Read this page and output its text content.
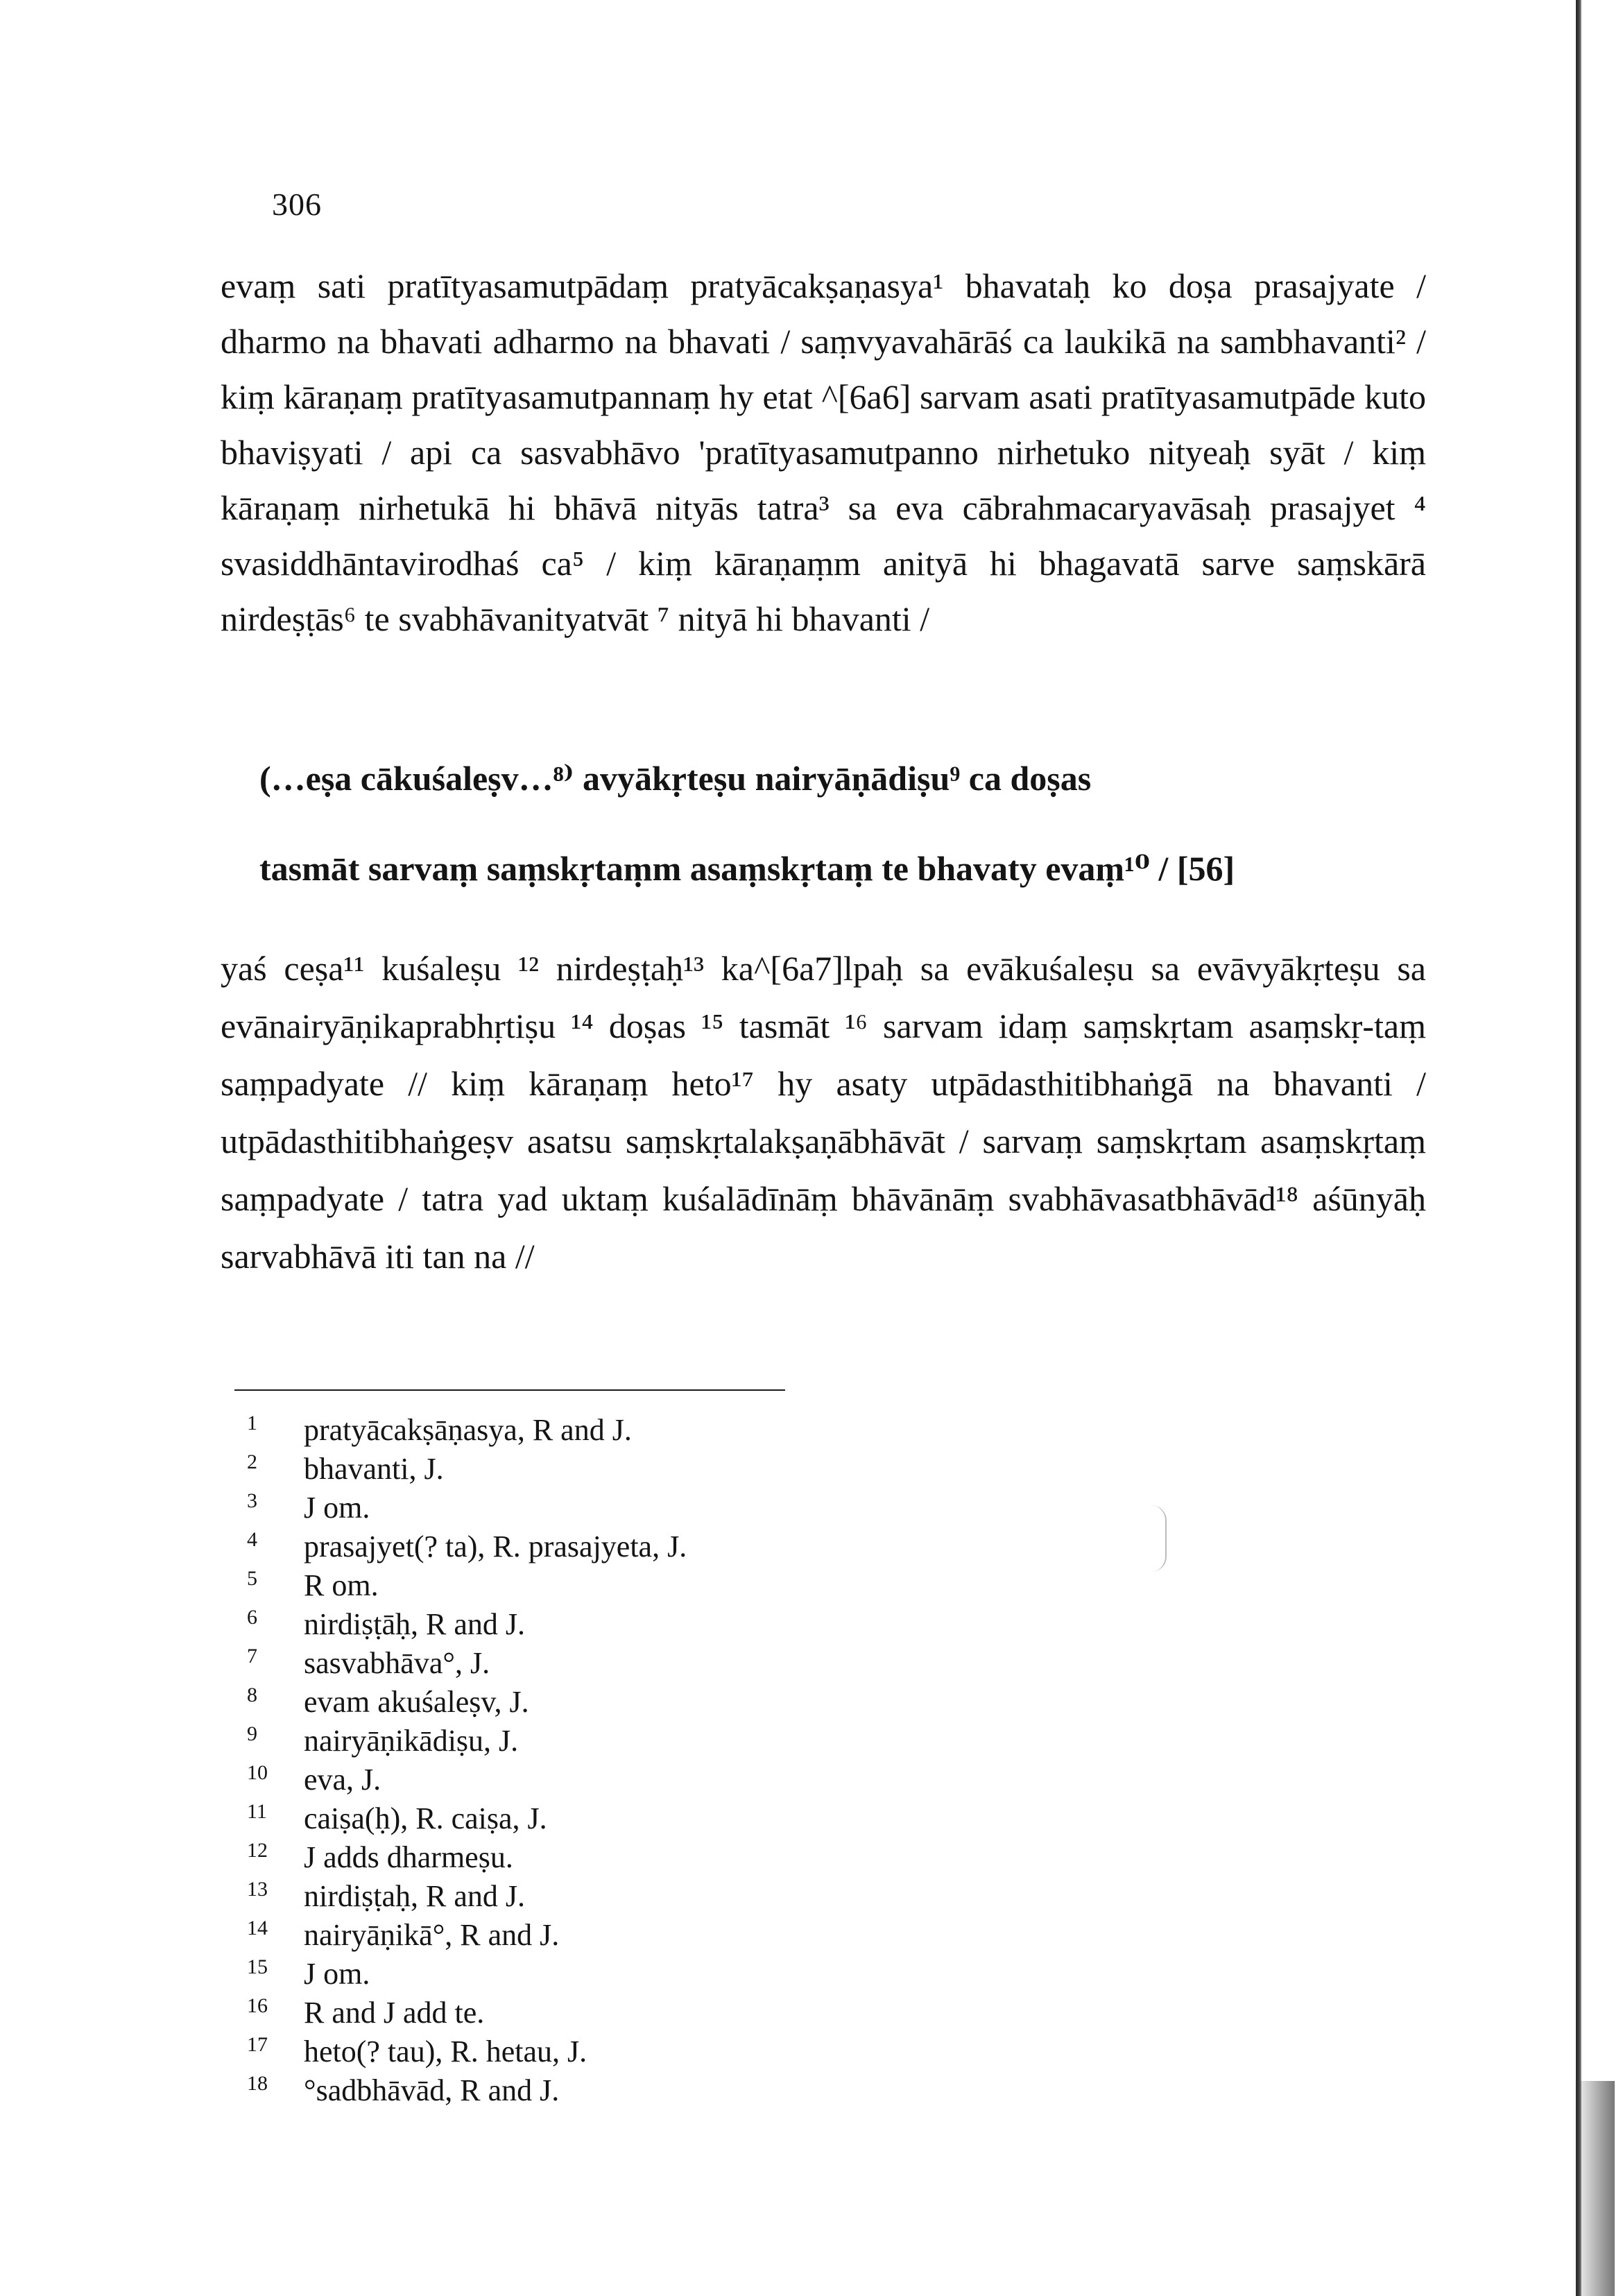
306

evaṃ sati pratītyasamutpādaṃ pratyācakṣaṇasya¹ bhavataḥ ko doṣa prasajyate / dharmo na bhavati adharmo na bhavati / saṃvyavahārāś ca laukikā na sambhavanti² / kiṃ kāraṇaṃ pratītyasamutpannaṃ hy etat ^[6a6] sarvam asati pratītyasamutpāde kuto bhaviṣyati / api ca sasvabhāvo 'pratītyasamutpanno nirhetuko nityeaḥ syāt / kiṃ kāraṇaṃ nirhetukā hi bhāvā nityās tatra³ sa eva cābrahmacaryavāsaḥ prasajyet ⁴ svasiddhāntavirodhaś ca⁵ / kiṃ kāraṇaṃm anityā hi bhagavatā sarve saṃskārā nirdeṣṭās⁶ te svabhāvanityatvāt ⁷ nityā hi bhavanti /

(…eṣa cākuśaleṣv…⁸⁾ avyākṛteṣu nairyāṇādiṣu⁹ ca doṣas
tasmāt sarvaṃ saṃskṛtaṃm asaṃskṛtaṃ te bhavaty evaṃ¹⁰ / [56]

yaś ceṣa¹¹ kuśaleṣu ¹² nirdeṣṭaḥ¹³ ka^[6a7]lpaḥ sa evākuśaleṣu sa evāvyākṛteṣu sa evānairyāṇikaprabhṛtiṣu ¹⁴ doṣas ¹⁵ tasmāt ¹⁶ sarvam idaṃ saṃskṛtam asaṃskṛ-taṃ saṃpadyate // kiṃ kāraṇaṃ heto¹⁷ hy asaty utpādasthitibhaṅgā na bhavanti / utpādasthitibhaṅgeṣv asatsu saṃskṛtalakṣaṇābhāvāt / sarvaṃ saṃskṛtam asaṃskṛtaṃ saṃpadyate / tatra yad uktaṃ kuśalādīnāṃ bhāvānāṃ svabhāvasatbhāvād¹⁸ aśūnyāḥ sarvabhāvā iti tan na //

1	pratyācakṣāṇasya, R and J.
2	bhavanti, J.
3	J om.
4	prasajyet(? ta), R. prasajyeta, J.
5	R om.
6	nirdiṣṭāḥ, R and J.
7	sasvabhāva°, J.
8	evam akuśaleṣv, J.
9	nairyāṇikādiṣu, J.
10 eva, J.
11 caiṣa(ḥ), R. caiṣa, J.
12 J adds dharmeṣu.
13 nirdiṣṭaḥ, R and J.
14 nairyāṇikā°, R and J.
15 J om.
16 R and J add te.
17 heto(? tau), R. hetau, J.
18 °sadbhāvād, R and J.
